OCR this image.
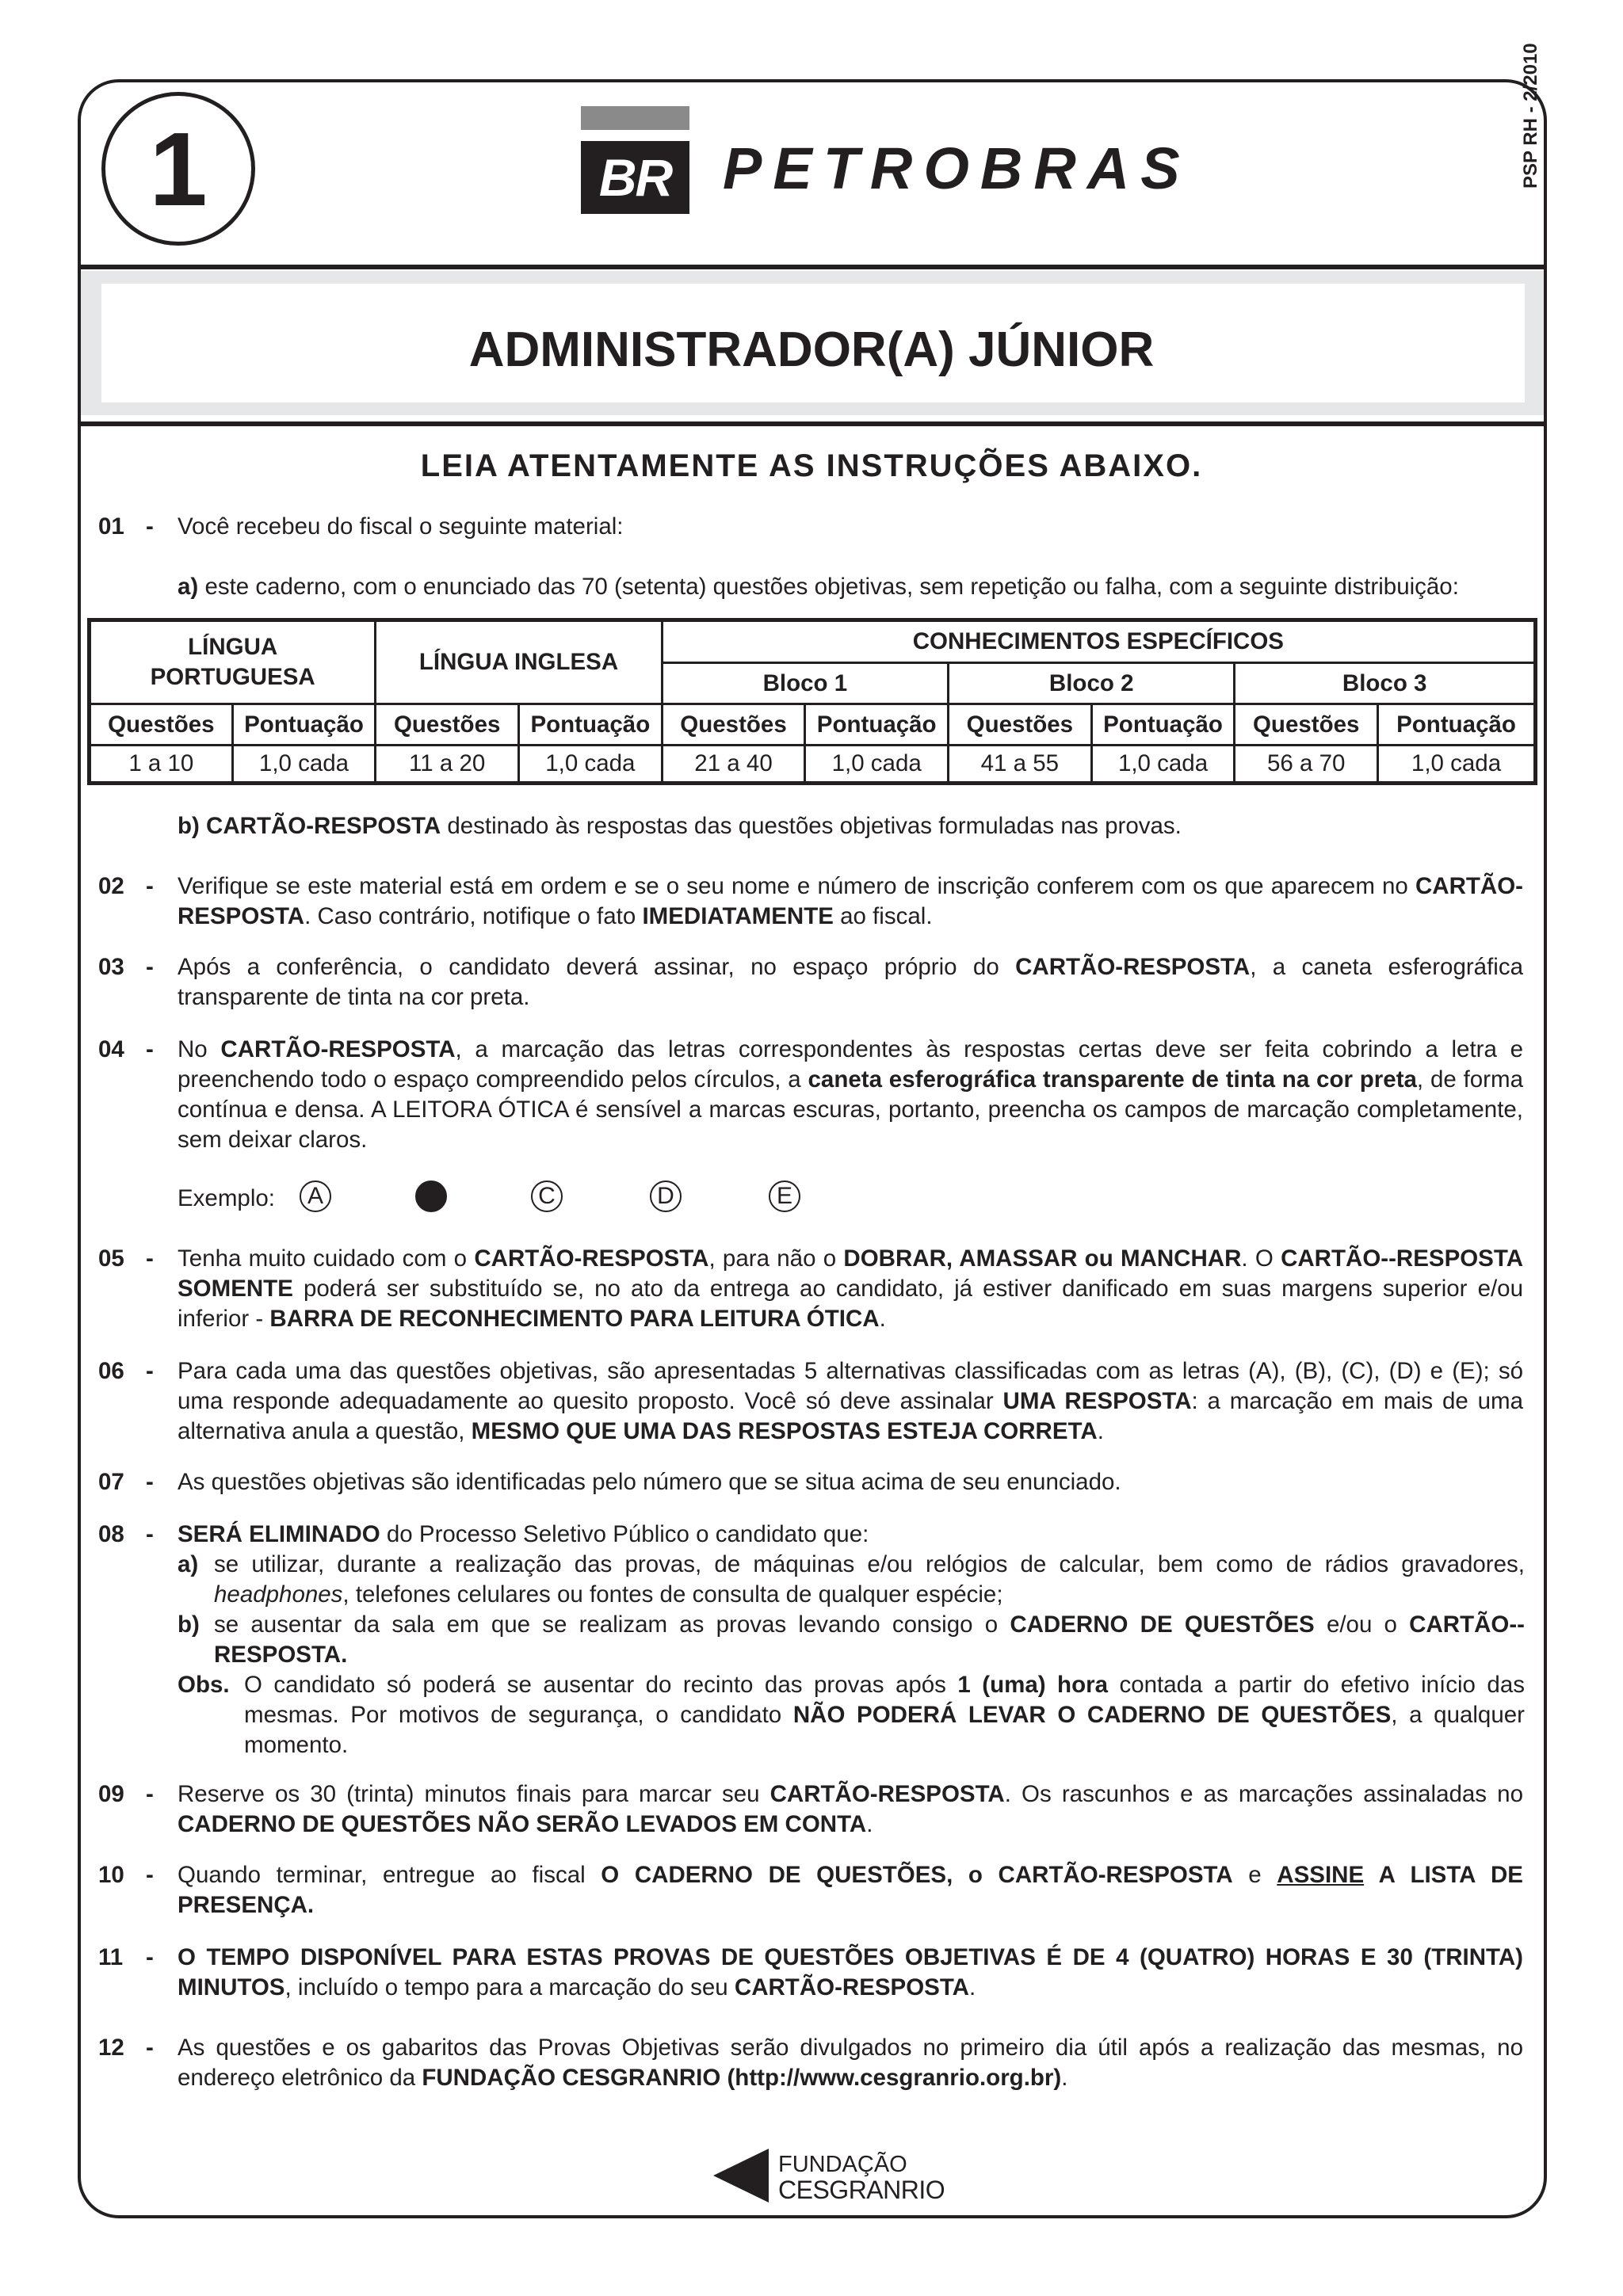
1	BR PETROBRAS	PSP RH - 2/2010
ADMINISTRADOR(A) JÚNIOR
LEIA ATENTAMENTE AS INSTRUÇÕES ABAIXO.
01 - Você recebeu do fiscal o seguinte material:
a) este caderno, com o enunciado das 70 (setenta) questões objetivas, sem repetição ou falha, com a seguinte distribuição:
LÍNGUA PORTUGUESA		LÍNGUA INGLESA		CONHECIMENTOS ESPECÍFICOS					
				Bloco 1		Bloco 2		Bloco 3	
Questões	Pontuação	Questões	Pontuação	Questões	Pontuação	Questões	Pontuação	Questões	Pontuação
1 a 10	1,0 cada	11 a 20	1,0 cada	21 a 40	1,0 cada	41 a 55	1,0 cada	56 a 70	1,0 cada
b) CARTÃO-RESPOSTA destinado às respostas das questões objetivas formuladas nas provas.
02 - Verifique se este material está em ordem e se o seu nome e número de inscrição conferem com os que aparecem no CARTÃO-RESPOSTA. Caso contrário, notifique o fato IMEDIATAMENTE ao fiscal.
03 - Após a conferência, o candidato deverá assinar, no espaço próprio do CARTÃO-RESPOSTA, a caneta esferográfica transparente de tinta na cor preta.
04 - No CARTÃO-RESPOSTA, a marcação das letras correspondentes às respostas certas deve ser feita cobrindo a letra e preenchendo todo o espaço compreendido pelos círculos, a caneta esferográfica transparente de tinta na cor preta, de forma contínua e densa. A LEITORA ÓTICA é sensível a marcas escuras, portanto, preencha os campos de marcação completamente, sem deixar claros.
Exemplo:	A	C	D	E
05 - Tenha muito cuidado com o CARTÃO-RESPOSTA, para não o DOBRAR, AMASSAR ou MANCHAR. O CARTÃO--RESPOSTA SOMENTE poderá ser substituído se, no ato da entrega ao candidato, já estiver danificado em suas margens superior e/ou inferior - BARRA DE RECONHECIMENTO PARA LEITURA ÓTICA.
06 - Para cada uma das questões objetivas, são apresentadas 5 alternativas classificadas com as letras (A), (B), (C), (D) e (E); só uma responde adequadamente ao quesito proposto. Você só deve assinalar UMA RESPOSTA: a marcação em mais de uma alternativa anula a questão, MESMO QUE UMA DAS RESPOSTAS ESTEJA CORRETA.
07 - As questões objetivas são identificadas pelo número que se situa acima de seu enunciado.
08 - SERÁ ELIMINADO do Processo Seletivo Público o candidato que:
a) se utilizar, durante a realização das provas, de máquinas e/ou relógios de calcular, bem como de rádios gravadores, headphones, telefones celulares ou fontes de consulta de qualquer espécie;
b) se ausentar da sala em que se realizam as provas levando consigo o CADERNO DE QUESTÕES e/ou o CARTÃO--RESPOSTA.
Obs. O candidato só poderá se ausentar do recinto das provas após 1 (uma) hora contada a partir do efetivo início das mesmas. Por motivos de segurança, o candidato NÃO PODERÁ LEVAR O CADERNO DE QUESTÕES, a qualquer momento.
09 - Reserve os 30 (trinta) minutos finais para marcar seu CARTÃO-RESPOSTA. Os rascunhos e as marcações assinaladas no CADERNO DE QUESTÕES NÃO SERÃO LEVADOS EM CONTA.
10 - Quando terminar, entregue ao fiscal O CADERNO DE QUESTÕES, o CARTÃO-RESPOSTA e ASSINE A LISTA DE PRESENÇA.
11 - O TEMPO DISPONÍVEL PARA ESTAS PROVAS DE QUESTÕES OBJETIVAS É DE 4 (QUATRO) HORAS E 30 (TRINTA) MINUTOS, incluído o tempo para a marcação do seu CARTÃO-RESPOSTA.
12 - As questões e os gabaritos das Provas Objetivas serão divulgados no primeiro dia útil após a realização das mesmas, no endereço eletrônico da FUNDAÇÃO CESGRANRIO (http://www.cesgranrio.org.br).
FUNDAÇÃO
CESGRANRIO
